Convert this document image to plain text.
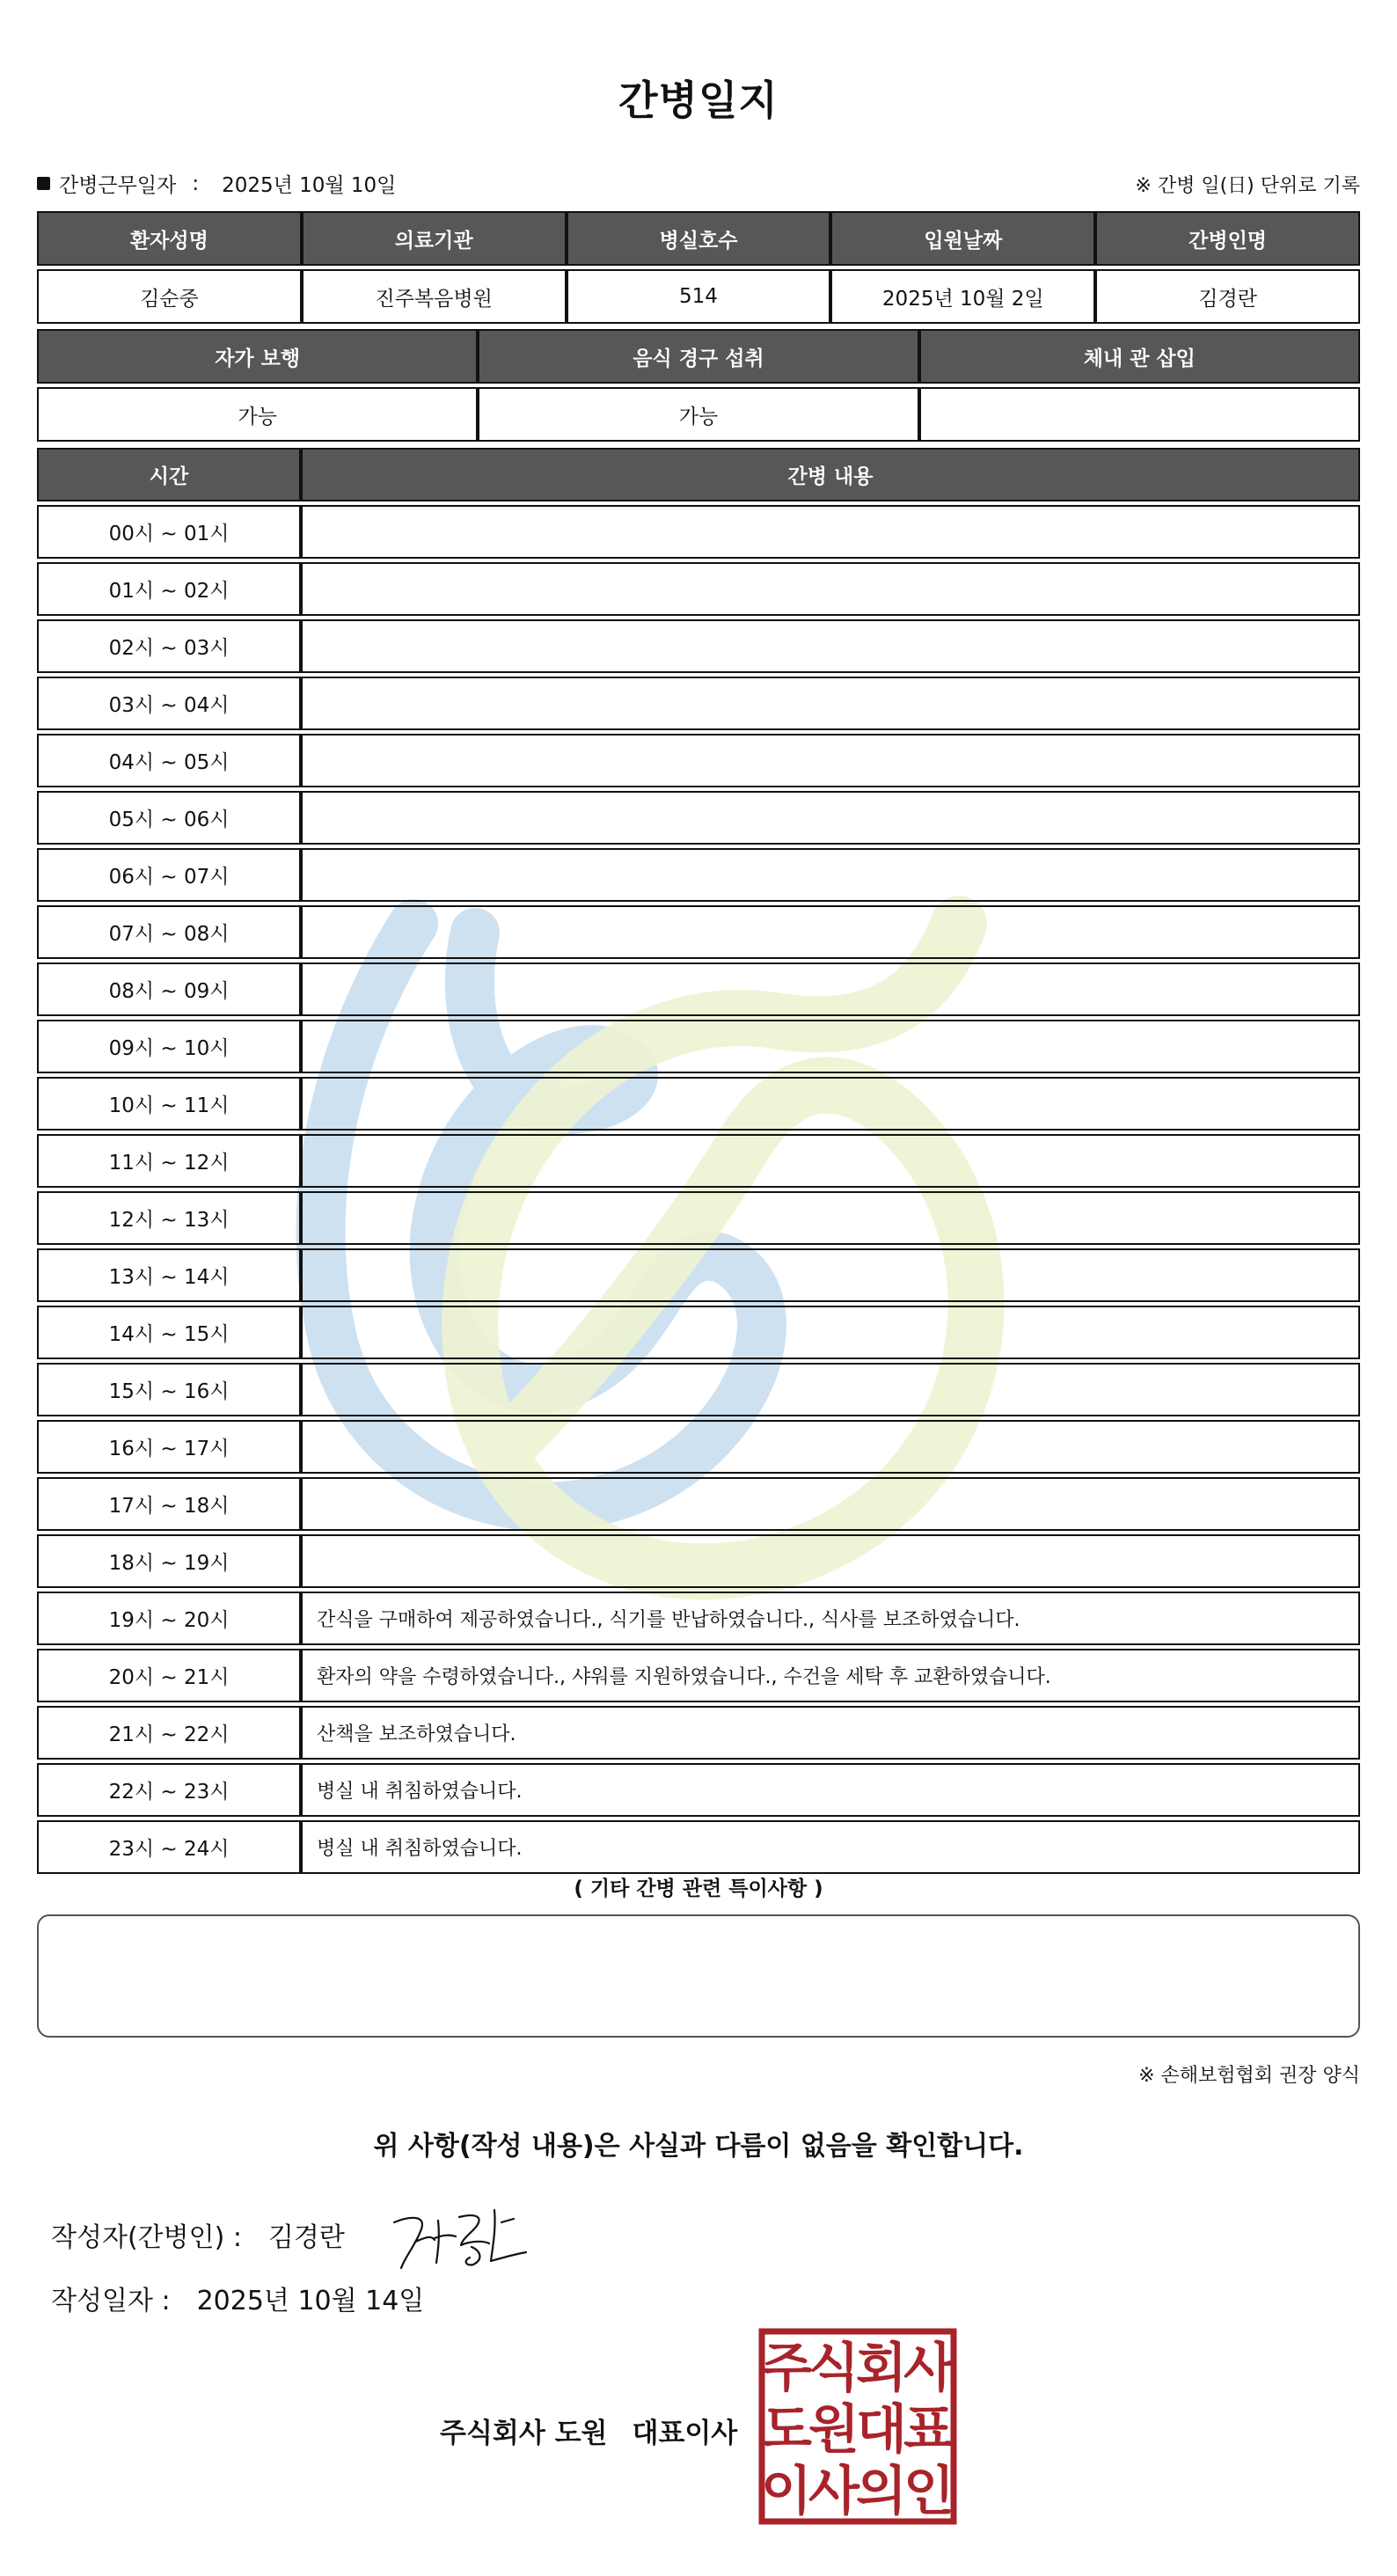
간병일지
간병근무일자 : 2025년 10월 10일	※ 간병 일(日) 단위로 기록
환자성명	의료기관	병실호수	입원날짜	간병인명
김순중	진주복음병원	514	2025년 10월 2일	김경란
자가 보행	음식 경구 섭취	체내 관 삽입
가능	가능	
시간	간병 내용
00시 ~ 01시	
01시 ~ 02시	
02시 ~ 03시	
03시 ~ 04시	
04시 ~ 05시	
05시 ~ 06시	
06시 ~ 07시	
07시 ~ 08시	
08시 ~ 09시	
09시 ~ 10시	
10시 ~ 11시	
11시 ~ 12시	
12시 ~ 13시	
13시 ~ 14시	
14시 ~ 15시	
15시 ~ 16시	
16시 ~ 17시	
17시 ~ 18시	
18시 ~ 19시	
19시 ~ 20시	간식을 구매하여 제공하였습니다., 식기를 반납하였습니다., 식사를 보조하였습니다.
20시 ~ 21시	환자의 약을 수령하였습니다., 샤워를 지원하였습니다., 수건을 세탁 후 교환하였습니다.
21시 ~ 22시	산책을 보조하였습니다.
22시 ~ 23시	병실 내 취침하였습니다.
23시 ~ 24시	병실 내 취침하였습니다.
( 기타 간병 관련 특이사항 )
※ 손해보험협회 권장 양식
위 사항(작성 내용)은 사실과 다름이 없음을 확인합니다.
작성자(간병인) : 김경란
작성일자 : 2025년 10월 14일
주식회사 도원 대표이사
주
식
회
사
도
원
대
표
이
사
의
인
